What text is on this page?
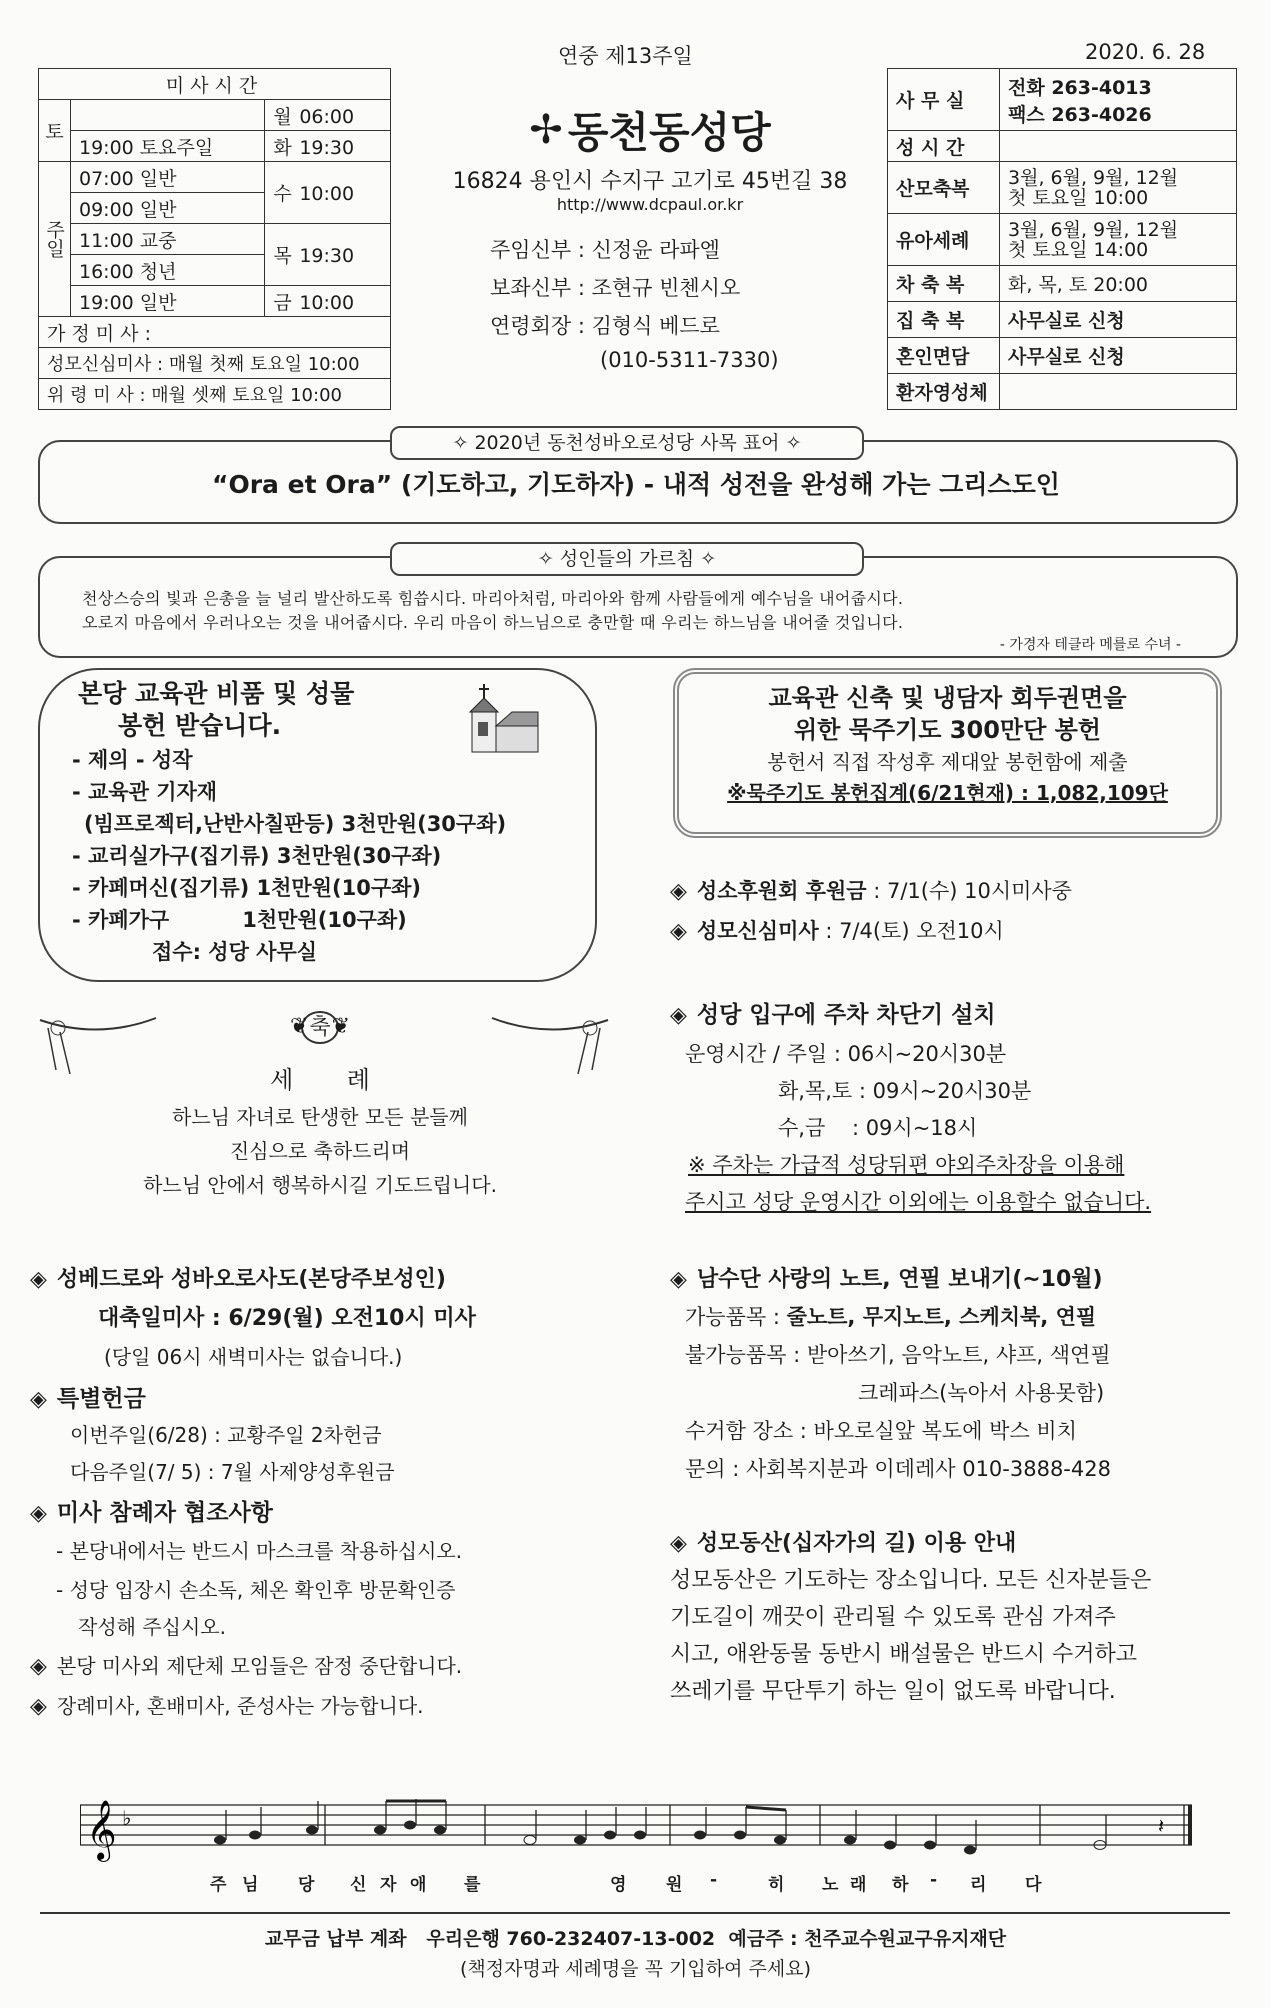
연중 제13주일	2020. 6. 28
미사시간		
토		월 06:00
	19:00 토요주일	화 19:30
주일	07:00 일반	수 10:00
	09:00 일반	
	11:00 교중	목 19:30
	16:00 청년	
	19:00 일반	금 10:00
가 정 미 사 :		
성모신심미사 : 매월 첫째 토요일 10:00		
위 령 미 사 : 매월 셋째 토요일 10:00		
✢ 동천동성당
16824 용인시 수지구 고기로 45번길 38
http://www.dcpaul.or.kr
주임신부 : 신정윤 라파엘
보좌신부 : 조현규 빈첸시오
연령회장 : 김형식 베드로
(010-5311-7330)
사 무 실	전화 263-4013
팩스 263-4026

성 시 간	
산모축복	3월, 6월, 9월, 12월
첫 토요일 10:00

유아세례	3월, 6월, 9월, 12월
첫 토요일 14:00

차 축 복	화, 목, 토 20:00
집 축 복	사무실로 신청
혼인면담	사무실로 신청
환자영성체	
✧ 2020년 동천성바오로성당 사목 표어 ✧
“Ora et Ora” (기도하고, 기도하자) - 내적 성전을 완성해 가는 그리스도인
✧ 성인들의 가르침 ✧
천상스승의 빛과 은총을 늘 널리 발산하도록 힘씁시다. 마리아처럼, 마리아와 함께 사람들에게 예수님을 내어줍시다.
오로지 마음에서 우러나오는 것을 내어줍시다. 우리 마음이 하느님으로 충만할 때 우리는 하느님을 내어줄 것입니다.
- 가경자 테클라 메를로 수녀 -
본당 교육관 비품 및 성물
봉헌 받습니다.
- 제의 - 성작
- 교육관 기자재
(빔프로젝터,난반사칠판등) 3천만원(30구좌)
- 교리실가구(집기류) 3천만원(30구좌)
- 카페머신(집기류) 1천만원(10구좌)
- 카페가구          1천만원(10구좌)
접수: 성당 사무실
교육관 신축 및 냉담자 회두권면을
위한 묵주기도 300만단 봉헌
봉헌서 직접 작성후 제대앞 봉헌함에 제출
※묵주기도 봉헌집계(6/21현재) : 1,082,109단
◈ 성소후원회 후원금 : 7/1(수) 10시미사중
◈ 성모신심미사 : 7/4(토) 오전10시
◈ 성당 입구에 주차 차단기 설치
운영시간 / 주일 : 06시~20시30분
화,목,토 : 09시~20시30분
수,금    : 09시~18시
※ 주차는 가급적 성당뒤편 야외주차장을 이용해
주시고 성당 운영시간 이외에는 이용할수 없습니다.
❦ 축 ❦
세       례
하느님 자녀로 탄생한 모든 분들께
진심으로 축하드리며
하느님 안에서 행복하시길 기도드립니다.
◈ 성베드로와 성바오로사도(본당주보성인)
대축일미사 : 6/29(월) 오전10시 미사
(당일 06시 새벽미사는 없습니다.)
◈ 특별헌금
이번주일(6/28) : 교황주일 2차헌금
다음주일(7/ 5) : 7월 사제양성후원금
◈ 미사 참례자 협조사항
- 본당내에서는 반드시 마스크를 착용하십시오.
- 성당 입장시 손소독, 체온 확인후 방문확인증
작성해 주십시오.
◈ 본당 미사외 제단체 모임들은 잠정 중단합니다.
◈ 장례미사, 혼배미사, 준성사는 가능합니다.
◈ 남수단 사랑의 노트, 연필 보내기(~10월)
가능품목 : 줄노트, 무지노트, 스케치북, 연필
불가능품목 : 받아쓰기, 음악노트, 샤프, 색연필
크레파스(녹아서 사용못함)
수거함 장소 : 바오로실앞 복도에 박스 비치
문의 : 사회복지분과 이데레사 010-3888-428
◈ 성모동산(십자가의 길) 이용 안내
성모동산은 기도하는 장소입니다. 모든 신자분들은
기도길이 깨끗이 관리될 수 있도록 관심 가져주
시고, 애완동물 동반시 배설물은 반드시 수거하고
쓰레기를 무단투기 하는 일이 없도록 바랍니다.
𝄞 ♭	𝄽
주 님 당 신 자 애 를	영 원 -	히 노 래 하 - 리 다
교무금 납부 계좌   우리은행 760-232407-13-002  예금주 : 천주교수원교구유지재단
(책정자명과 세례명을 꼭 기입하여 주세요)
